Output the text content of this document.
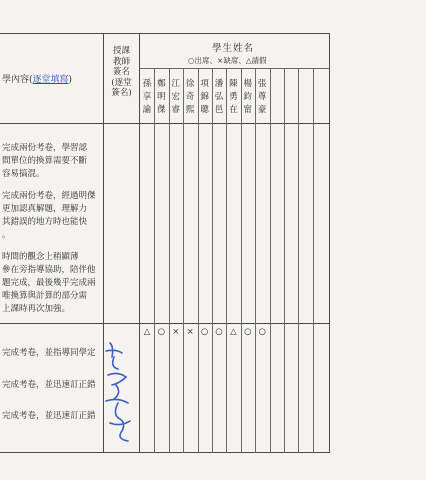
學內容(逐堂填寫)
授課
教師
簽名
(逐堂
簽名)
學生姓名
○出席、×缺席、△請假
孫
享
諭
鄭
明
傑
江
宏
睿
徐
奇
熙
項
錦
聰
潘
弘
邑
陳
勇
在
楊
鈞
甯
張
尊
豪

完成兩份考卷，學習認

間單位的換算需要不斷

容易搞混。

完成兩份考卷，經過明傑

更加認真解題，理解力

其錯誤的地方時也能快

。

時間的觀念上稍顯薄

參在旁指導協助，陪伴他

題完成，最後幾乎完成兩

唯換算與計算的部分需

上課時再次加強。

完成考卷，並指導同學定
完成考卷，並迅速訂正錯
完成考卷，並迅速訂正錯
△ ○ × × ○ ○ △ ○ ○
